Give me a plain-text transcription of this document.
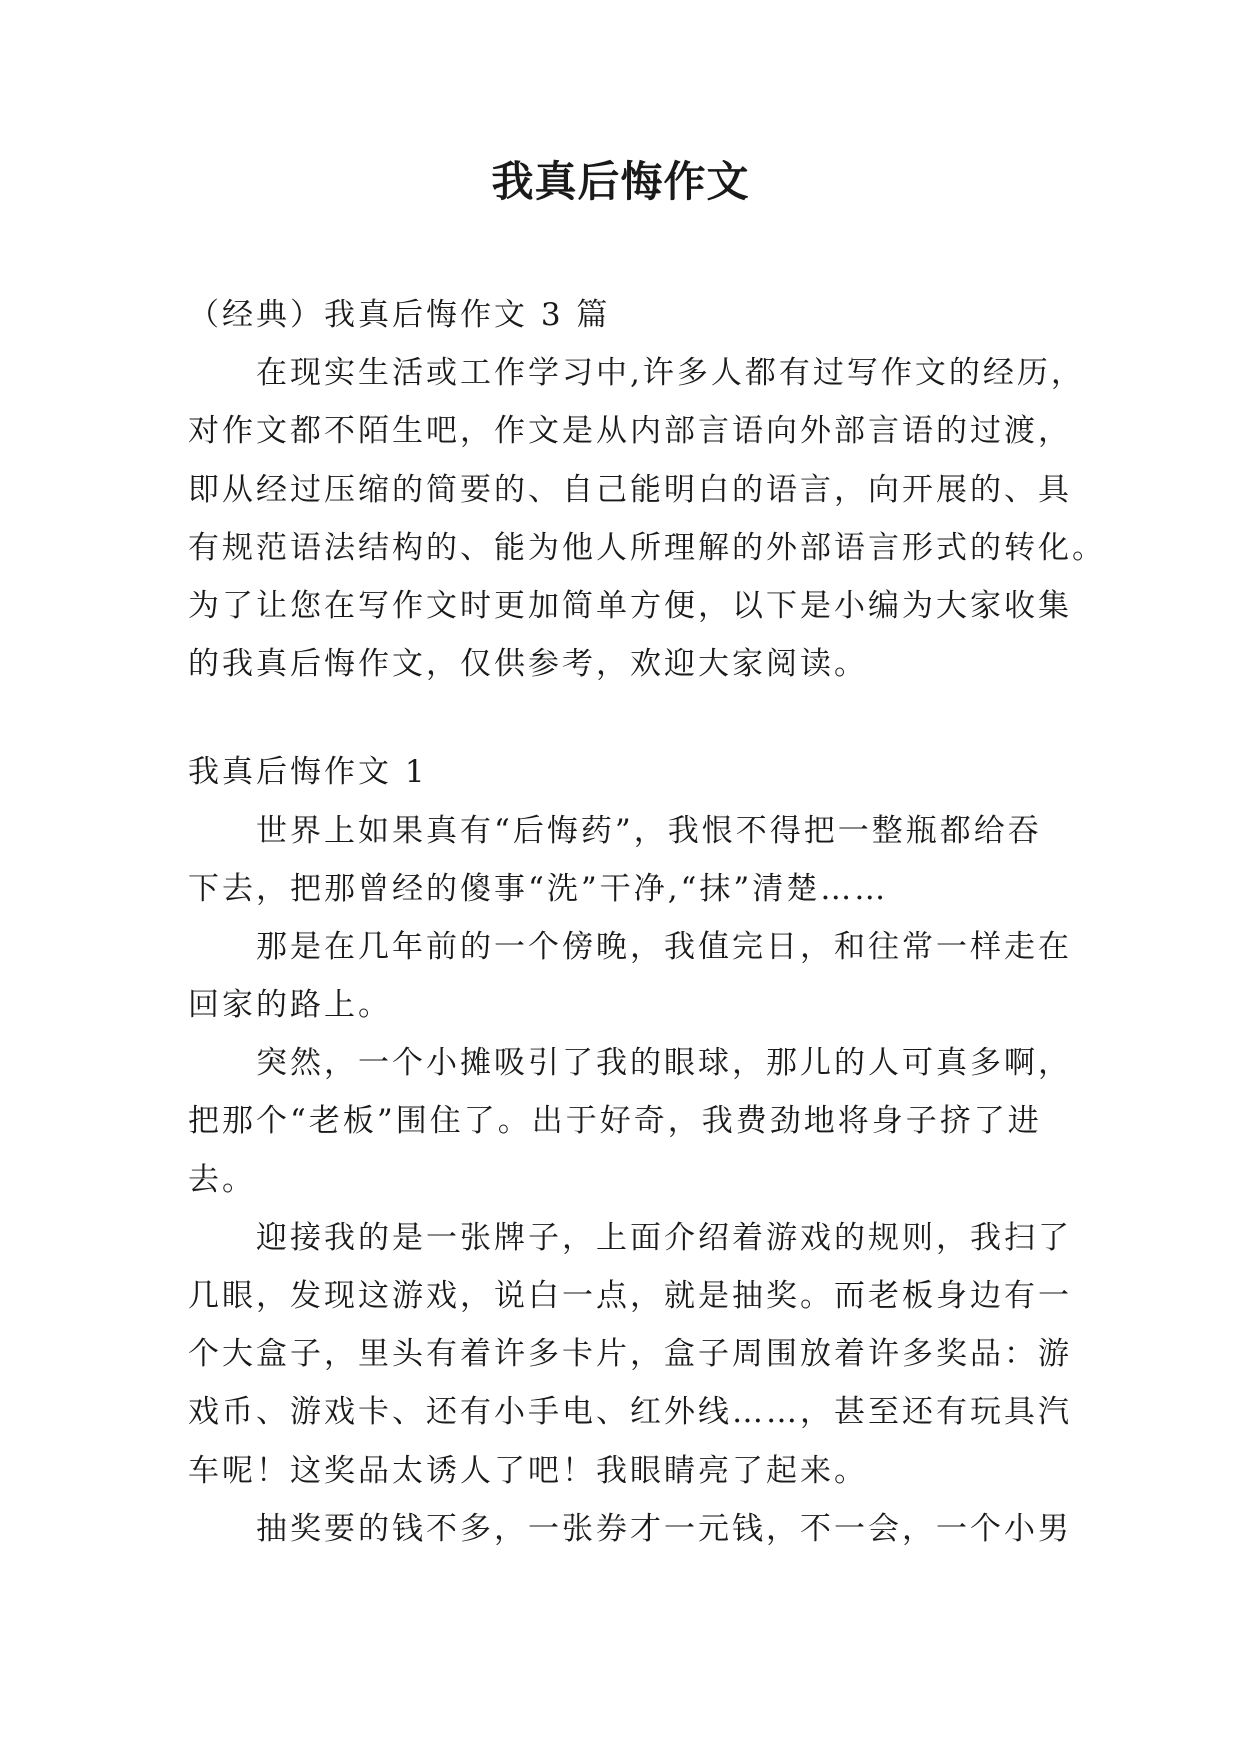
我真后悔作文
（经典）我真后悔作文 3 篇
在现实生活或工作学习中,许多人都有过写作文的经历，
对作文都不陌生吧，作文是从内部言语向外部言语的过渡，
即从经过压缩的简要的、自己能明白的语言，向开展的、具
有规范语法结构的、能为他人所理解的外部语言形式的转化。
为了让您在写作文时更加简单方便，以下是小编为大家收集
的我真后悔作文，仅供参考，欢迎大家阅读。
我真后悔作文 1
世界上如果真有“后悔药”，我恨不得把一整瓶都给吞
下去，把那曾经的傻事“洗”干净,“抹”清楚……
那是在几年前的一个傍晚，我值完日，和往常一样走在
回家的路上。
突然，一个小摊吸引了我的眼球，那儿的人可真多啊，
把那个“老板”围住了。出于好奇，我费劲地将身子挤了进
去。
迎接我的是一张牌子，上面介绍着游戏的规则，我扫了
几眼，发现这游戏，说白一点，就是抽奖。而老板身边有一
个大盒子，里头有着许多卡片，盒子周围放着许多奖品：游
戏币、游戏卡、还有小手电、红外线……，甚至还有玩具汽
车呢！这奖品太诱人了吧！我眼睛亮了起来。
抽奖要的钱不多，一张券才一元钱，不一会，一个小男
